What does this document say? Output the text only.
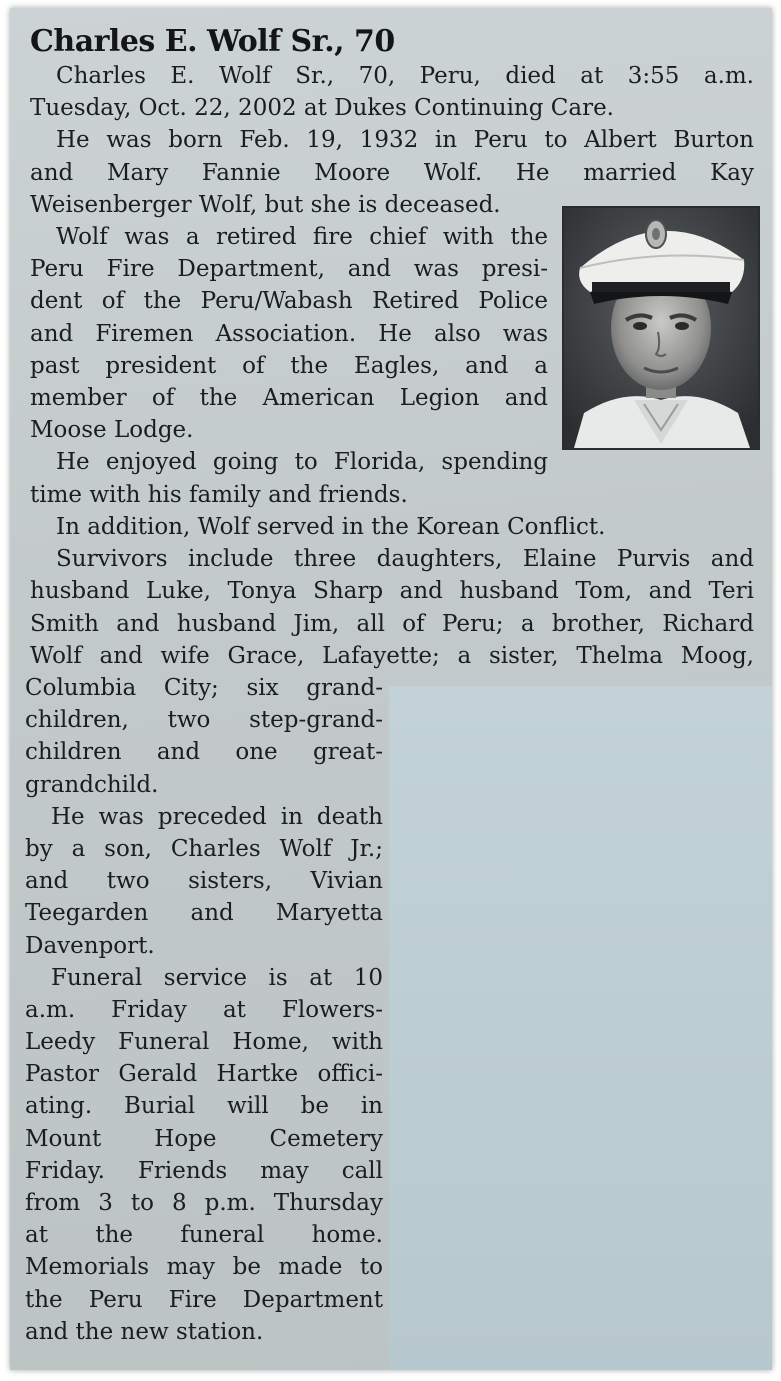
Charles E. Wolf Sr., 70
Charles E. Wolf Sr., 70, Peru, died at 3:55 a.m.
Tuesday, Oct. 22, 2002 at Dukes Continuing Care.
He was born Feb. 19, 1932 in Peru to Albert Burton
and Mary Fannie Moore Wolf. He married Kay
Weisenberger Wolf, but she is deceased.
Wolf was a retired fire chief with the
Peru Fire Department, and was presi-
dent of the Peru/Wabash Retired Police
and Firemen Association. He also was
past president of the Eagles, and a
member of the American Legion and
Moose Lodge.
He enjoyed going to Florida, spending
time with his family and friends.
In addition, Wolf served in the Korean Conflict.
Survivors include three daughters, Elaine Purvis and
husband Luke, Tonya Sharp and husband Tom, and Teri
Smith and husband Jim, all of Peru; a brother, Richard
Wolf and wife Grace, Lafayette; a sister, Thelma Moog,
Columbia City; six grand-
children, two step-grand-
children and one great-
grandchild.
He was preceded in death
by a son, Charles Wolf Jr.;
and two sisters, Vivian
Teegarden and Maryetta
Davenport.
Funeral service is at 10
a.m. Friday at Flowers-
Leedy Funeral Home, with
Pastor Gerald Hartke offici-
ating. Burial will be in
Mount Hope Cemetery
Friday. Friends may call
from 3 to 8 p.m. Thursday
at the funeral home.
Memorials may be made to
the Peru Fire Department
and the new station.
